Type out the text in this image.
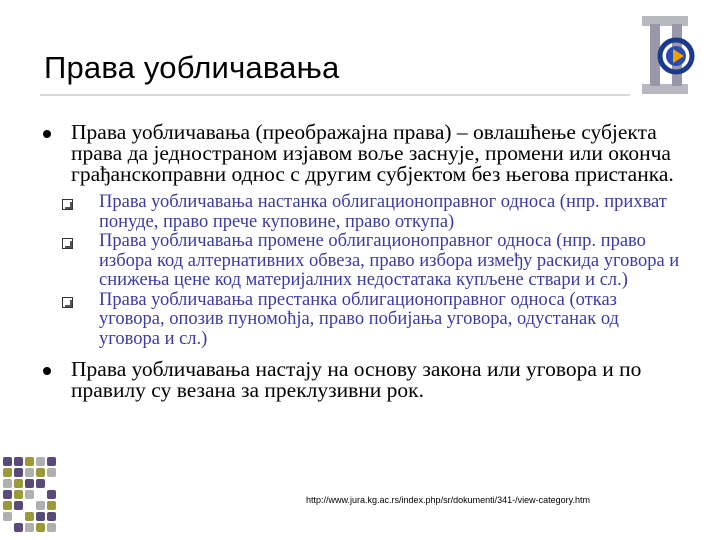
Права уобличавања
Права уобличавања (преображајна права) – овлашћење субјекта права да једностраном изјавом воље заснује, промени или оконча грађанскоправни однос с другим субјектом без његова пристанка.
Права уобличавања настанка облигационоправног односа (нпр. прихват понуде, право прече куповине, право откупа)
Права уобличавања промене облигационоправног односа (нпр. право избора код алтернативних обвеза, право избора између раскида уговора и снижења цене код материјалних недостатака купљене ствари и сл.)
Права уобличавања престанка облигационоправног односа (отказ уговора, опозив пуномоћја, право побијања уговора, одустанак од уговора и сл.)
Права уобличавања настају на основу закона или уговора и по правилу су везана за преклузивни рок.
http://www.jura.kg.ac.rs/index.php/sr/dokumenti/341-/view-category.htm
